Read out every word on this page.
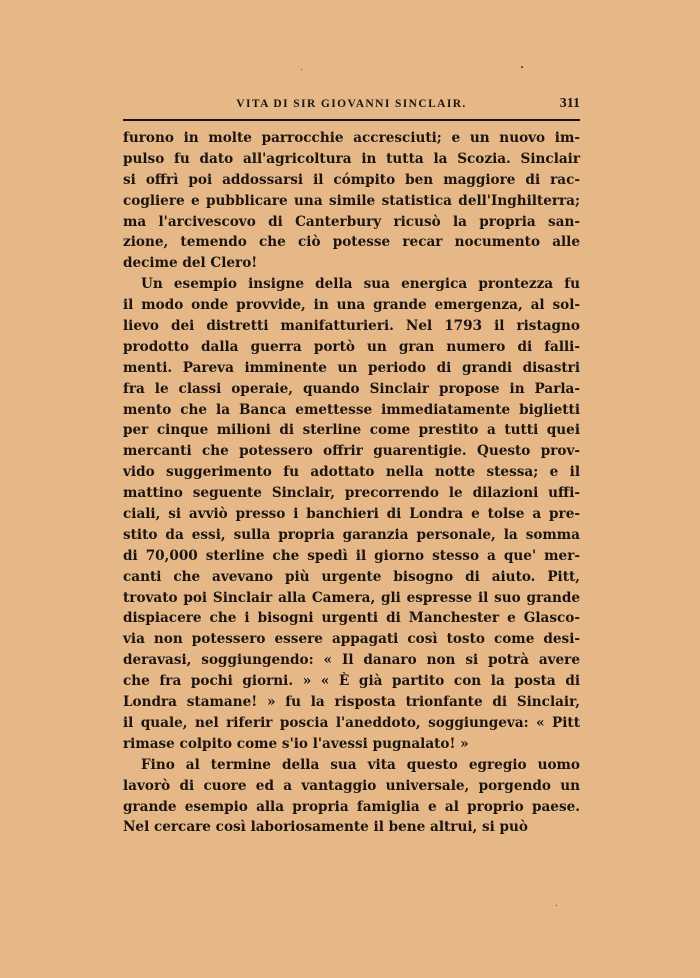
VITA DI SIR GIOVANNI SINCLAIR.	311
furono in molte parrocchie accresciuti; e un nuovo im-
pulso fu dato all'agricoltura in tutta la Scozia. Sinclair
si offrì poi addossarsi il cómpito ben maggiore di rac-
cogliere e pubblicare una simile statistica dell'Inghilterra;
ma l'arcivescovo di Canterbury ricusò la propria san-
zione, temendo che ciò potesse recar nocumento alle
decime del Clero!
Un esempio insigne della sua energica prontezza fu
il modo onde provvide, in una grande emergenza, al sol-
lievo dei distretti manifatturieri. Nel 1793 il ristagno
prodotto dalla guerra portò un gran numero di falli-
menti. Pareva imminente un periodo di grandi disastri
fra le classi operaie, quando Sinclair propose in Parla-
mento che la Banca emettesse immediatamente biglietti
per cinque milioni di sterline come prestito a tutti quei
mercanti che potessero offrir guarentigie. Questo prov-
vido suggerimento fu adottato nella notte stessa; e il
mattino seguente Sinclair, precorrendo le dilazioni uffi-
ciali, si avviò presso i banchieri di Londra e tolse a pre-
stito da essi, sulla propria garanzia personale, la somma
di 70,000 sterline che spedì il giorno stesso a que' mer-
canti che avevano più urgente bisogno di aiuto. Pitt,
trovato poi Sinclair alla Camera, gli espresse il suo grande
dispiacere che i bisogni urgenti di Manchester e Glasco-
via non potessero essere appagati così tosto come desi-
deravasi, soggiungendo: « Il danaro non si potrà avere
che fra pochi giorni. » « È già partito con la posta di
Londra stamane! » fu la risposta trionfante di Sinclair,
il quale, nel riferir poscia l'aneddoto, soggiungeva: « Pitt
rimase colpito come s'io l'avessi pugnalato! »
Fino al termine della sua vita questo egregio uomo
lavorò di cuore ed a vantaggio universale, porgendo un
grande esempio alla propria famiglia e al proprio paese.
Nel cercare così laboriosamente il bene altrui, si può
